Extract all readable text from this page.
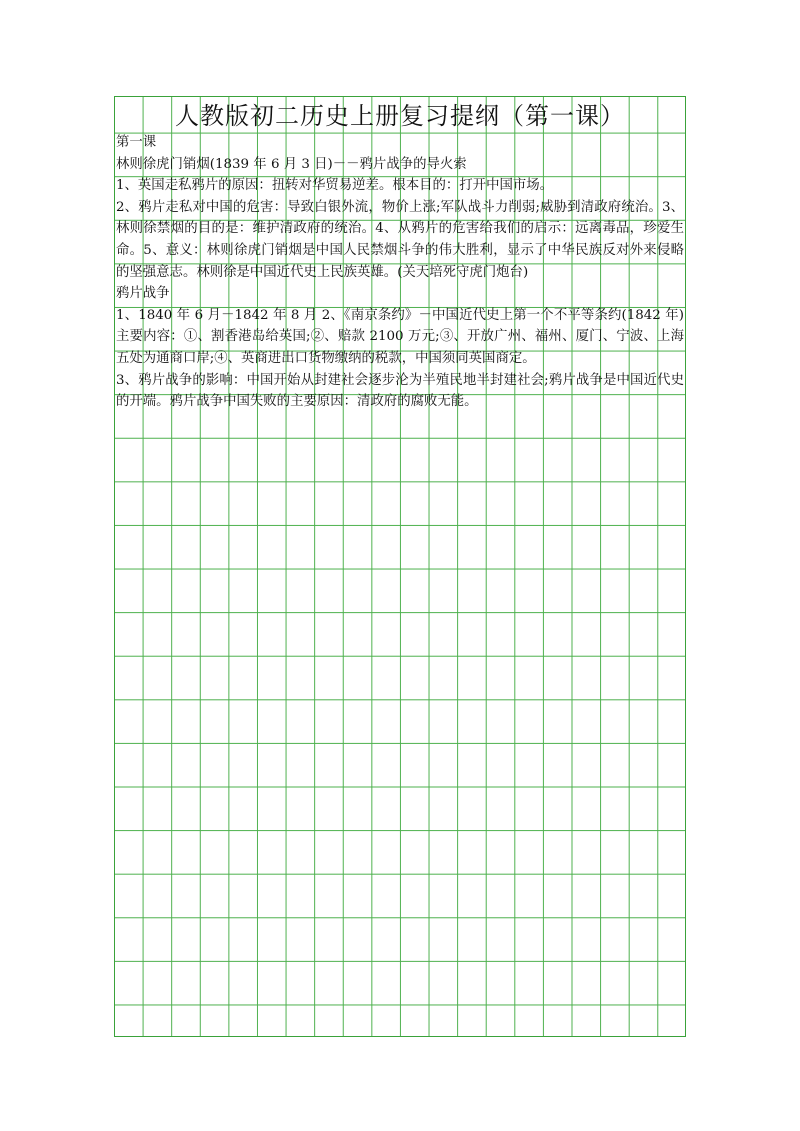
人教版初二历史上册复习提纲（第一课）
第一课
林则徐虎门销烟(1839 年 6 月 3 日)－－鸦片战争的导火索
1、英国走私鸦片的原因：扭转对华贸易逆差。根本目的：打开中国市场。
2、鸦片走私对中国的危害：导致白银外流，物价上涨;军队战斗力削弱;威胁到清政府统治。3、林则徐禁烟的目的是：维护清政府的统治。4、从鸦片的危害给我们的启示：远离毒品，珍爱生命。5、意义：林则徐虎门销烟是中国人民禁烟斗争的伟大胜利，显示了中华民族反对外来侵略的坚强意志。林则徐是中国近代史上民族英雄。(关天培死守虎门炮台)
鸦片战争
1、1840 年 6 月－1842 年 8 月 2、《南京条约》－中国近代史上第一个不平等条约(1842 年)主要内容：①、割香港岛给英国;②、赔款 2100 万元;③、开放广州、福州、厦门、宁波、上海五处为通商口岸;④、英商进出口货物缴纳的税款，中国须同英国商定。
3、鸦片战争的影响：中国开始从封建社会逐步沦为半殖民地半封建社会;鸦片战争是中国近代史的开端。鸦片战争中国失败的主要原因：清政府的腐败无能。
